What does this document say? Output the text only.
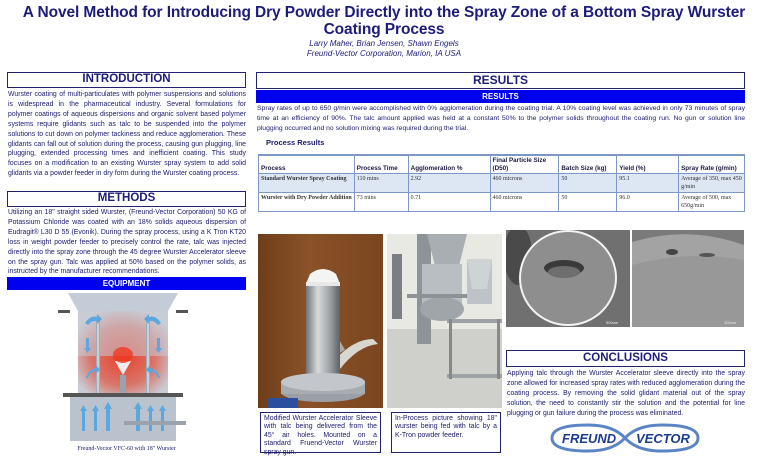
A Novel Method for Introducing Dry Powder Directly into the Spray Zone of a Bottom Spray Wurster Coating Process
Larry Maher, Brian Jensen, Shawn Engels
Freund-Vector Corporation, Marion, IA USA
INTRODUCTION
Wurster coating of multi-particulates with polymer suspensions and solutions is widespread in the pharmaceutical industry. Several formulations for polymer coatings of aqueous dispersions and organic solvent based polymer systems require glidants such as talc to be suspended into the polymer solutions to cut down on polymer tackiness and reduce agglomeration. These glidants can fall out of solution during the process, causing gun plugging, line plugging, extended processing times and inefficient coating. This study focuses on a modification to an existing Wurster spray system to add solid glidants via a powder feeder in dry form during the Wurster coating process.
METHODS
Utilizing an 18" straight sided Wurster, (Freund-Vector Corporation) 50 KG of Potassium Chloride was coated with an 18% solids aqueous dispersion of Eudragit® L30 D 55 (Evonik). During the spray process, using a K Tron KT20 loss in weight powder feeder to precisely control the rate, talc was injected directly into the spray zone through the 45 degree Wurster Accelerator sleeve on the spray gun. Talc was applied at 50% based on the polymer solids, as instructed by the manufacturer recommendations.
EQUIPMENT
Freund-Vector VFC-60 with 18" Wurster
RESULTS
RESULTS
Spray rates of up to 650 g/min were accomplished with 0% agglomeration during the coating trial. A 10% coating level was achieved in only 73 minutes of spray time at an efficiency of 90%. The talc amount applied was held at a constant 50% to the polymer solids throughout the coating run. No gun or solution line plugging occurred and no solution mixing was required during the trial.
Process Results
Process	Process Time	Agglomeration %	Final Particle Size (D50)	Batch Size (kg)	Yield (%)	Spray Rate (g/min)
Standard Wurster Spray Coating	110 mins	2.92	460 microns	50	95.1	Average of 350, max 450 g/min
Wurster with Dry Powder Addition	73 mins	0.71	460 microns	50	96.0	Average of 500, max 650g/min
Modified Wurster Accelerator Sleeve with talc being delivered from the 45° air holes. Mounted on a standard Fruend-Vector Wurster spray gun.
In-Process picture showing 18" wurster being fed with talc by a K-Tron powder feeder.
500um	100um
CONCLUSIONS
Applying talc through the Wurster Accelerator sleeve directly into the spray zone allowed for increased spray rates with reduced agglomeration during the coating process. By removing the solid glidant material out of the spray solution, the need to constantly stir the solution and the potential for line plugging or gun failure during the process was eliminated.
FREUND VECTOR
